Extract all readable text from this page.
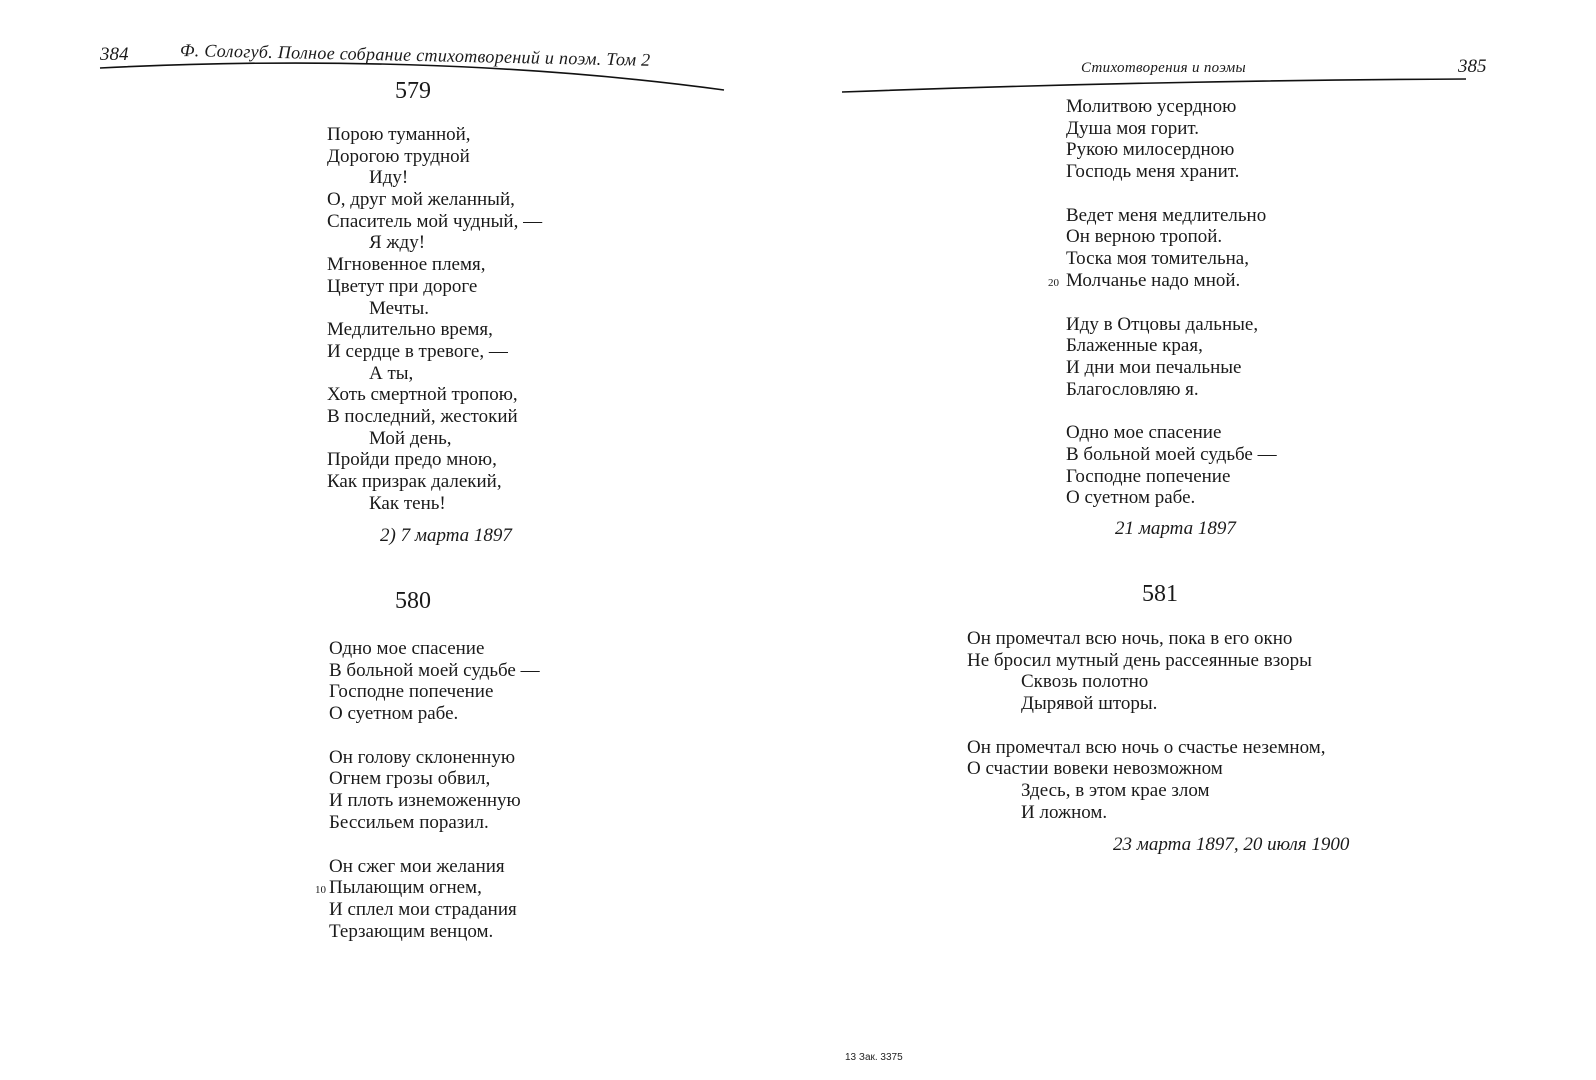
384	Ф. Сологуб. Полное собрание стихотворений и поэм. Том 2	Стихотворения и поэмы	385
579
Порою туманной,
Дорогою трудной
Иду!
О, друг мой желанный,
Спаситель мой чудный, —
Я жду!
Мгновенное племя,
Цветут при дороге
Мечты.
Медлительно время,
И сердце в тревоге, —
А ты,
Хоть смертной тропою,
В последний, жестокий
Мой день,
Пройди предо мною,
Как призрак далекий,
Как тень!
2) 7 марта 1897
580
Одно мое спасение
В больной моей судьбе —
Господне попечение
О суетном рабе.
Он голову склоненную
Огнем грозы обвил,
И плоть изнеможенную
Бессильем поразил.
Он сжег мои желания
10 Пылающим огнем,
И сплел мои страдания
Терзающим венцом.
Молитвою усердною
Душа моя горит.
Рукою милосердною
Господь меня хранит.
Ведет меня медлительно
Он верною тропой.
Тоска моя томительна,
20 Молчанье надо мной.
Иду в Отцовы дальные,
Блаженные края,
И дни мои печальные
Благословляю я.
Одно мое спасение
В больной моей судьбе —
Господне попечение
О суетном рабе.
21 марта 1897
581
Он промечтал всю ночь, пока в его окно
Не бросил мутный день рассеянные взоры
Сквозь полотно
Дырявой шторы.
Он промечтал всю ночь о счастье неземном,
О счастии вовеки невозможном
Здесь, в этом крае злом
И ложном.
23 марта 1897, 20 июля 1900
13 Зак. 3375
